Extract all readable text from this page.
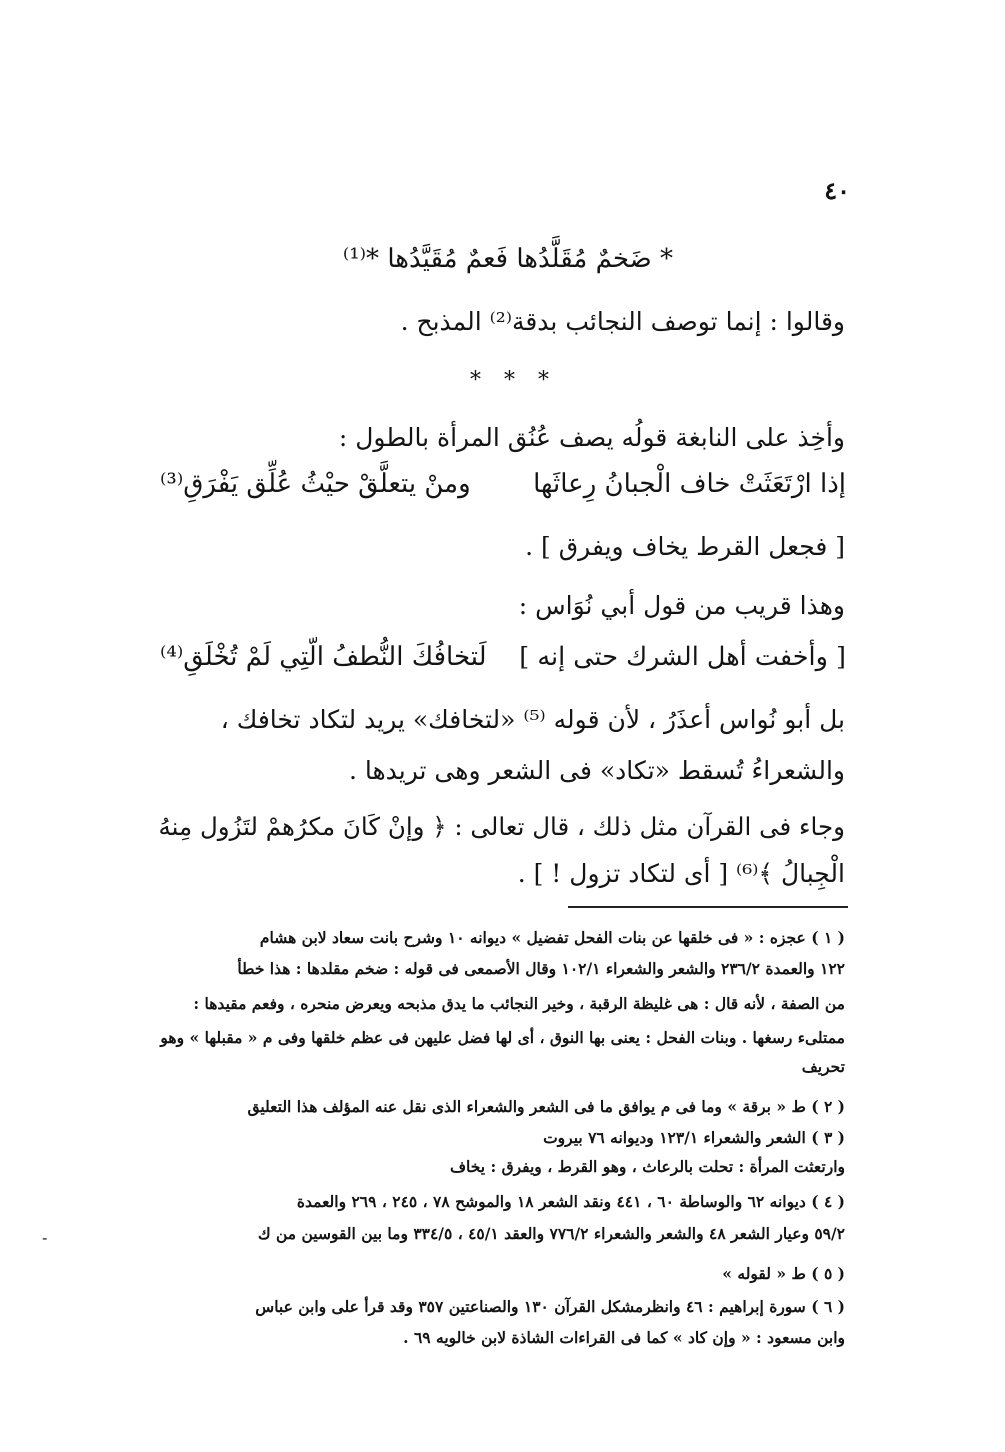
٤٠
* ضَخمٌ مُقَلَّدُها فَعمٌ مُقَيَّدُها *⁽¹⁾
وقالوا : إنما توصف النجائب بدقة⁽²⁾ المذبح .
* * *
وأخِذ على النابغة قولُه يصف عُنُق المرأة بالطول :
إذا ارْتَعَثَتْ خاف الْجبانُ رِعاثَها
ومنْ يتعلَّقْ حيْثُ عُلِّق يَفْرَقِ⁽³⁾
[ فجعل القرط يخاف ويفرق ] .
وهذا قريب من قول أبي نُوَاس :
[ وأخفت أهل الشرك حتى إنه ]
لَتخافُكَ النُّطفُ الّتِي لَمْ تُخْلَقِ⁽⁴⁾
بل أبو نُواس أعذَرُ ، لأن قوله ⁽⁵⁾ «لتخافك» يريد لتكاد تخافك ،
والشعراءُ تُسقط «تكاد» فى الشعر وهى تريدها .
وجاء فى القرآن مثل ذلك ، قال تعالى : ﴿ وإنْ كَانَ مكرُهمْ لتَزُول مِنهُ
الْجِبالُ ﴾⁽⁶⁾ [ أى لتكاد تزول ! ] .
( ١ ) عجزه : « فى خلقها عن بنات الفحل تفضيل » ديوانه ١٠ وشرح بانت سعاد لابن هشام
١٢٢ والعمدة ٢٣٦/٢ والشعر والشعراء ١٠٢/١ وقال الأصمعى فى قوله : ضخم مقلدها : هذا خطأ
من الصفة ، لأنه قال : هى غليظة الرقبة ، وخير النجائب ما يدق مذبحه ويعرض منحره ، وفعم مقيدها :
ممتلىء رسغها . وبنات الفحل : يعنى بها النوق ، أى لها فضل عليهن فى عظم خلقها وفى م « مقبلها » وهو
تحريف
( ٢ ) ط « برقة » وما فى م يوافق ما فى الشعر والشعراء الذى نقل عنه المؤلف هذا التعليق
( ٣ ) الشعر والشعراء ١٢٣/١ وديوانه ٧٦ بيروت
وارتعثت المرأة : تحلت بالرعاث ، وهو القرط ، ويفرق : يخاف
( ٤ ) ديوانه ٦٢ والوساطة ٦٠ ، ٤٤١ ونقد الشعر ١٨ والموشح ٧٨ ، ٢٤٥ ، ٢٦٩ والعمدة
٥٩/٢ وعيار الشعر ٤٨ والشعر والشعراء ٧٧٦/٢ والعقد ٤٥/١ ، ٣٣٤/٥ وما بين القوسين من ك
( ٥ ) ط « لقوله »
( ٦ ) سورة إبراهيم : ٤٦ وانظرمشكل القرآن ١٣٠ والصناعتين ٣٥٧ وقد قرأ على وابن عباس
وابن مسعود : « وإن كاد » كما فى القراءات الشاذة لابن خالويه ٦٩ .
-
